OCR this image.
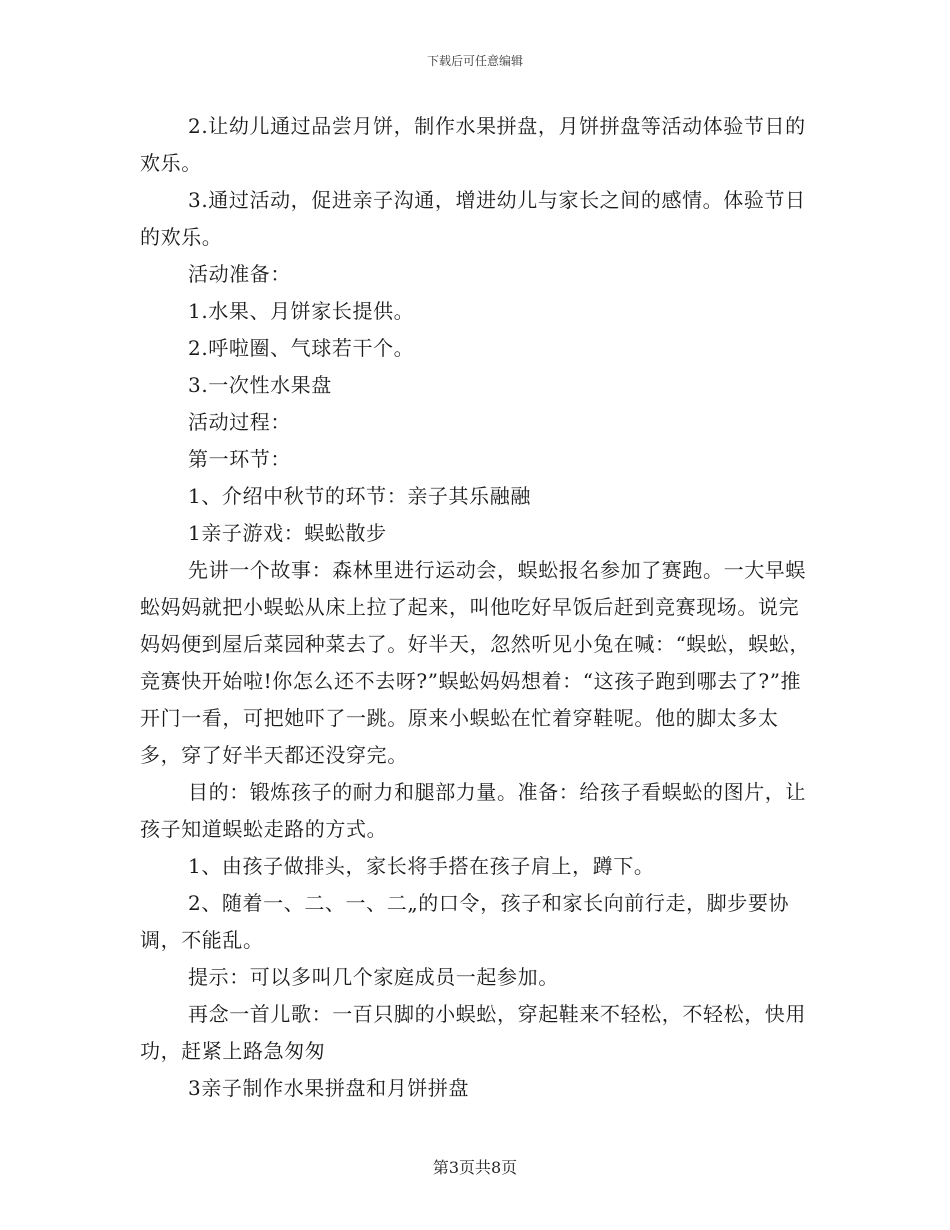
下载后可任意编辑

2.让幼儿通过品尝月饼，制作水果拼盘，月饼拼盘等活动体验节日的欢乐。

3.通过活动，促进亲子沟通，增进幼儿与家长之间的感情。体验节日的欢乐。

活动准备：

1.水果、月饼家长提供。

2.呼啦圈、气球若干个。

3.一次性水果盘

活动过程：

第一环节：

1、介绍中秋节的环节：亲子其乐融融

1亲子游戏：蜈蚣散步

先讲一个故事：森林里进行运动会，蜈蚣报名参加了赛跑。一大早蜈蚣妈妈就把小蜈蚣从床上拉了起来，叫他吃好早饭后赶到竞赛现场。说完妈妈便到屋后菜园种菜去了。好半天，忽然听见小兔在喊：“蜈蚣，蜈蚣，竞赛快开始啦!你怎么还不去呀?”蜈蚣妈妈想着：“这孩子跑到哪去了?”推开门一看，可把她吓了一跳。原来小蜈蚣在忙着穿鞋呢。他的脚太多太多，穿了好半天都还没穿完。

目的：锻炼孩子的耐力和腿部力量。准备：给孩子看蜈蚣的图片，让孩子知道蜈蚣走路的方式。

1、由孩子做排头，家长将手搭在孩子肩上，蹲下。

2、随着一、二、一、二„的口令，孩子和家长向前行走，脚步要协调，不能乱。

提示：可以多叫几个家庭成员一起参加。

再念一首儿歌：一百只脚的小蜈蚣，穿起鞋来不轻松，不轻松，快用功，赶紧上路急匆匆

3亲子制作水果拼盘和月饼拼盘

第3页共8页
